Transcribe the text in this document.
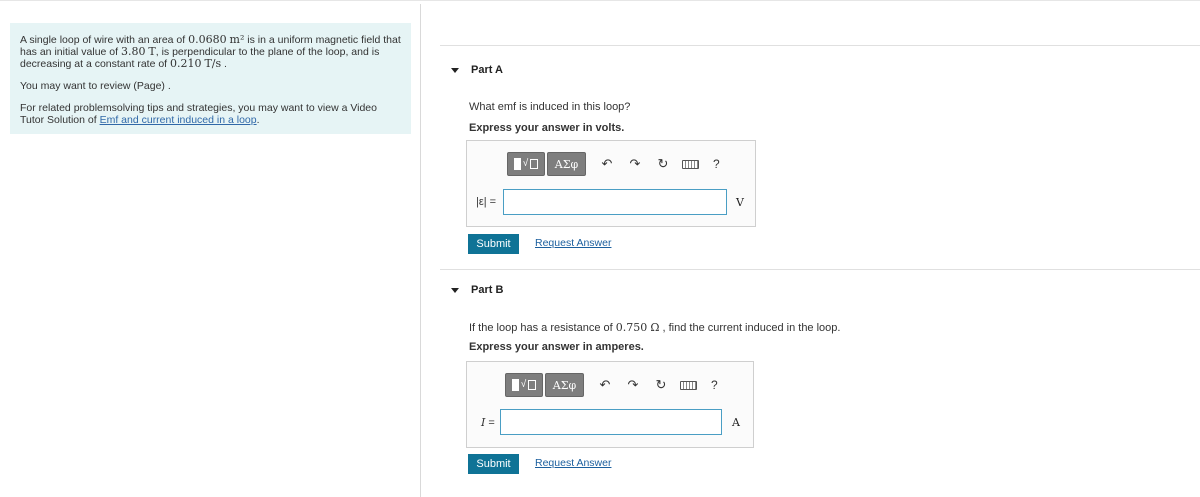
A single loop of wire with an area of 0.0680 m² is in a uniform magnetic field that has an initial value of 3.80 T, is perpendicular to the plane of the loop, and is decreasing at a constant rate of 0.210 T/s .

You may want to review (Page) .

For related problemsolving tips and strategies, you may want to view a Video Tutor Solution of Emf and current induced in a loop.

Part A
What emf is induced in this loop?
Express your answer in volts.
√	ΑΣφ	↶ ↷ ↻	?
|ε| =	V
Submit	Request Answer
Part B
If the loop has a resistance of 0.750 Ω , find the current induced in the loop.
Express your answer in amperes.
√	ΑΣφ	↶ ↷ ↻	?
I =	A
Submit	Request Answer
